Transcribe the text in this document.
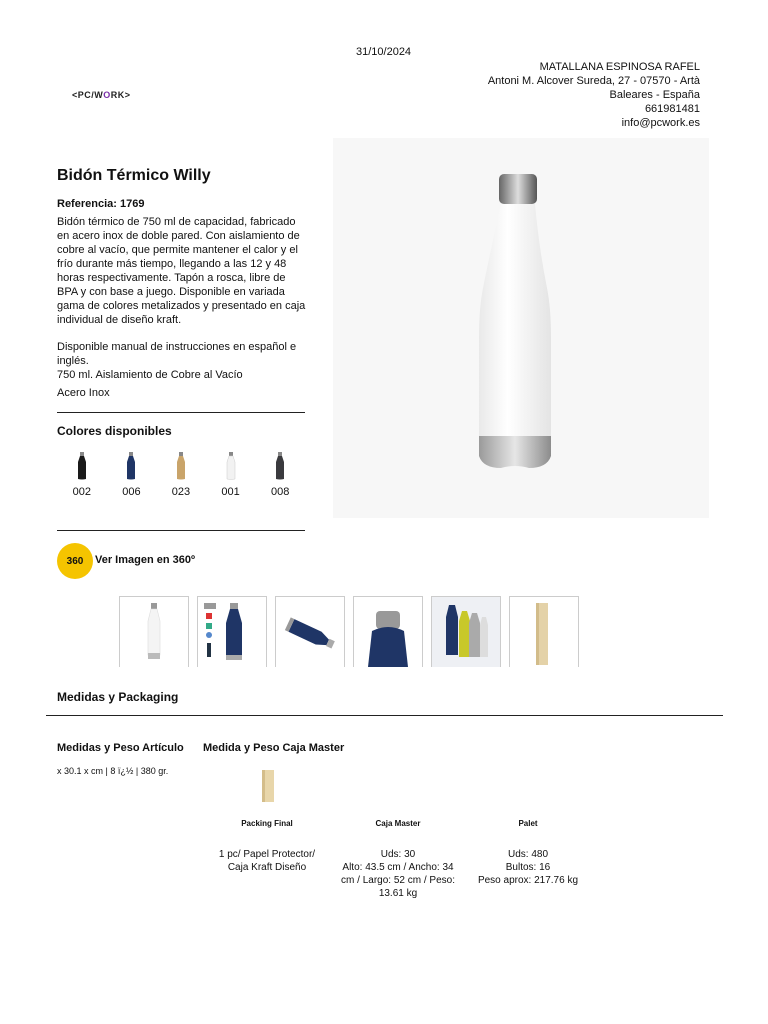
31/10/2024
<PC/WORK>
MATALLANA ESPINOSA RAFEL
Antoni M. Alcover Sureda, 27 - 07570 - Artà
Baleares - España
661981481
info@pcwork.es
Bidón Térmico Willy
Referencia: 1769

Bidón térmico de 750 ml de capacidad, fabricado en acero inox de doble pared. Con aislamiento de cobre al vacío, que permite mantener el calor y el frío durante más tiempo, llegando a las 12 y 48 horas respectivamente. Tapón a rosca, libre de BPA y con base a juego. Disponible en variada gama de colores metalizados y presentado en caja individual de diseño kraft.

Disponible manual de instrucciones en español e inglés.
750 ml. Aislamiento de Cobre al Vacío
Acero Inox
Colores disponibles
002	006	023	001	008
360	Ver Imagen en 360º
Medidas y Packaging
Medidas y Peso Artículo
x 30.1 x cm | 8 ï¿½ | 380 gr.
Medida y Peso Caja Master
Packing Final
1 pc/ Papel Protector/ Caja Kraft Diseño
Caja Master
Uds: 30
Alto: 43.5 cm / Ancho: 34 cm / Largo: 52 cm / Peso: 13.61 kg
Palet
Uds: 480
Bultos: 16
Peso aprox: 217.76 kg
